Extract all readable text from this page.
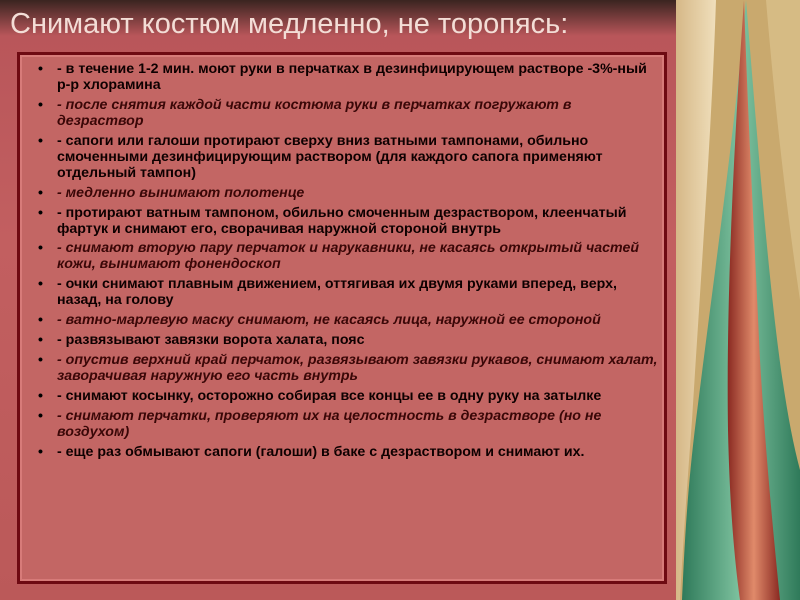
Снимают костюм медленно, не торопясь:
• - в течение 1-2 мин. моют руки в перчатках в дезинфицирующем растворе -3%-ный р-р хлорамина
• - после снятия каждой части костюма руки в перчатках погружают в дезраствор
• - сапоги или галоши протирают сверху вниз ватными тампонами, обильно смоченными дезинфицирующим раствором (для каждого сапога применяют отдельный тампон)
• - медленно вынимают полотенце
• - протирают ватным тампоном, обильно смоченным дезраствором, клеенчатый фартук и снимают его, сворачивая наружной стороной внутрь
• - снимают вторую пару перчаток и нарукавники, не касаясь открытый частей кожи, вынимают фонендоскоп
• - очки снимают плавным движением, оттягивая их двумя руками вперед, верх, назад, на голову
• - ватно-марлевую маску снимают, не касаясь лица, наружной ее стороной
• - развязывают завязки ворота халата, пояс
• - опустив верхний край перчаток, развязывают завязки рукавов, снимают халат, заворачивая наружную его часть внутрь
• - снимают косынку, осторожно собирая все концы ее в одну руку на затылке
• - снимают перчатки, проверяют их на целостность в дезрастворе (но не воздухом)
• - еще раз обмывают сапоги (галоши) в баке с дезраствором и снимают их.
